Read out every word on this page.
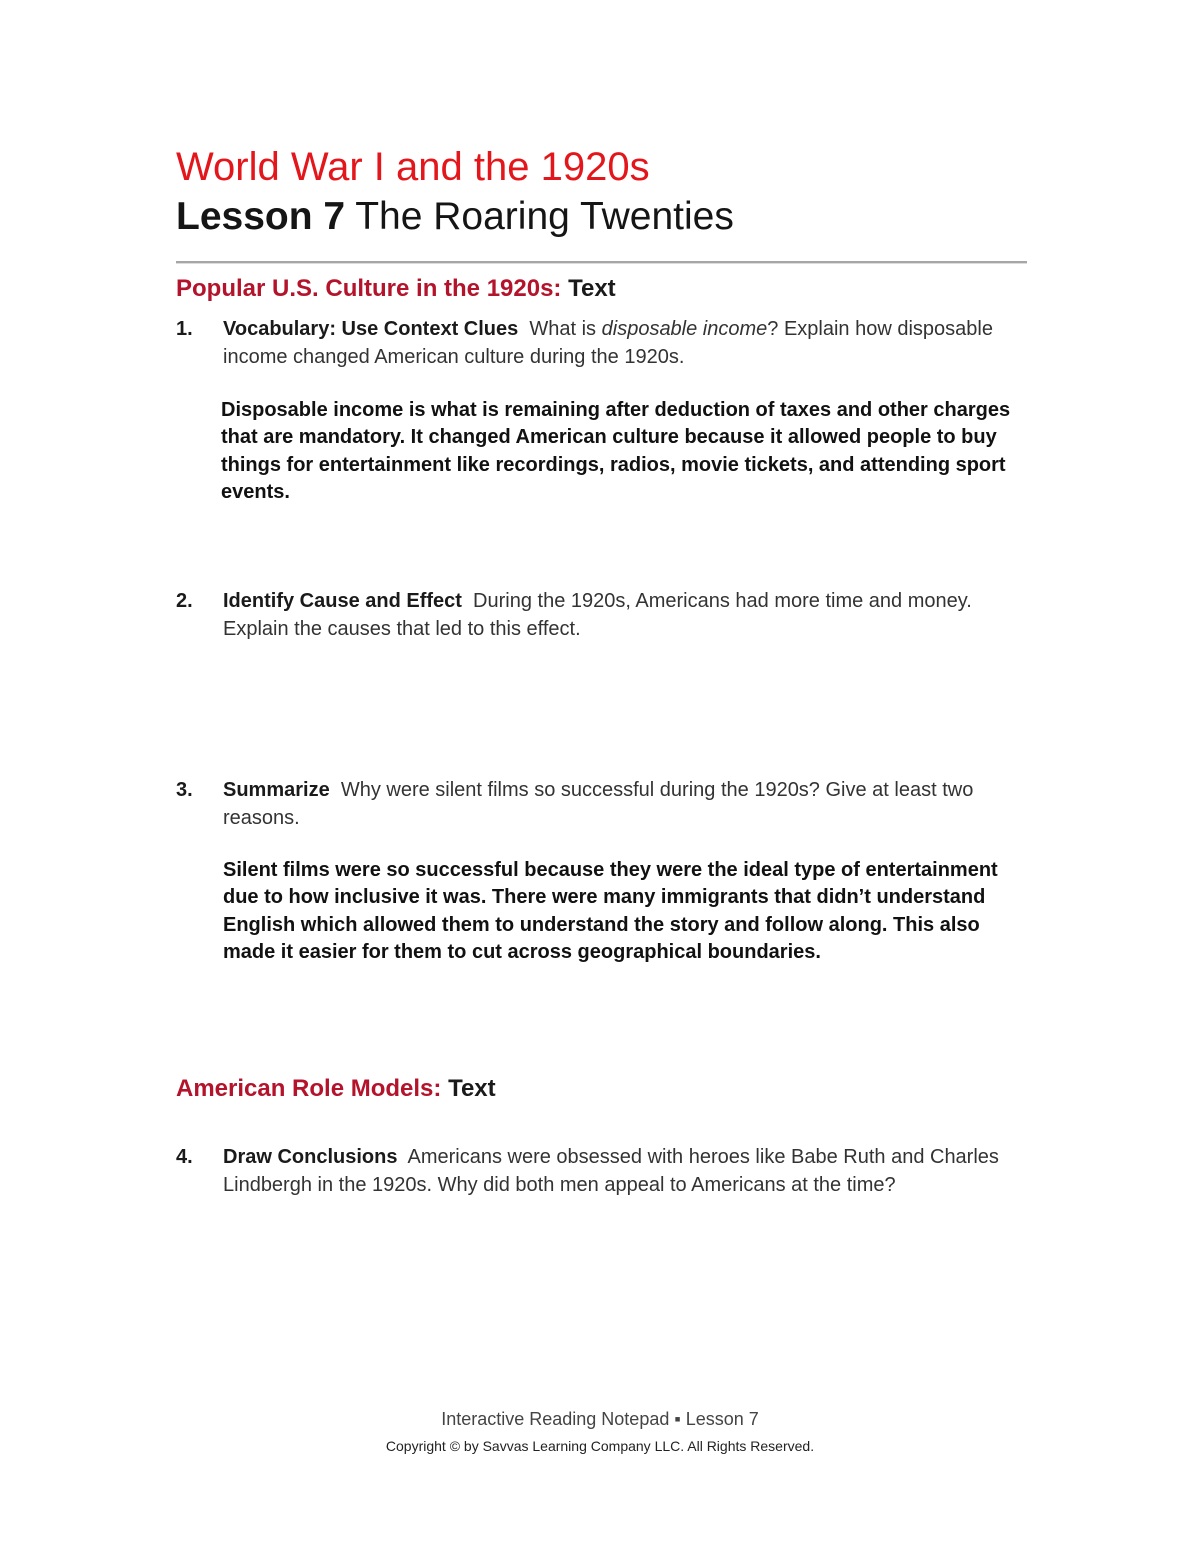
World War I and the 1920s
Lesson 7 The Roaring Twenties
Popular U.S. Culture in the 1920s: Text
1. Vocabulary: Use Context Clues  What is disposable income? Explain how disposable income changed American culture during the 1920s.
Disposable income is what is remaining after deduction of taxes and other charges that are mandatory. It changed American culture because it allowed people to buy things for entertainment like recordings, radios, movie tickets, and attending sport events.
2. Identify Cause and Effect  During the 1920s, Americans had more time and money. Explain the causes that led to this effect.
3. Summarize  Why were silent films so successful during the 1920s? Give at least two reasons.
Silent films were so successful because they were the ideal type of entertainment due to how inclusive it was. There were many immigrants that didn’t understand English which allowed them to understand the story and follow along. This also made it easier for them to cut across geographical boundaries.
American Role Models: Text
4. Draw Conclusions  Americans were obsessed with heroes like Babe Ruth and Charles Lindbergh in the 1920s. Why did both men appeal to Americans at the time?
Interactive Reading Notepad ▪ Lesson 7
Copyright © by Savvas Learning Company LLC. All Rights Reserved.
